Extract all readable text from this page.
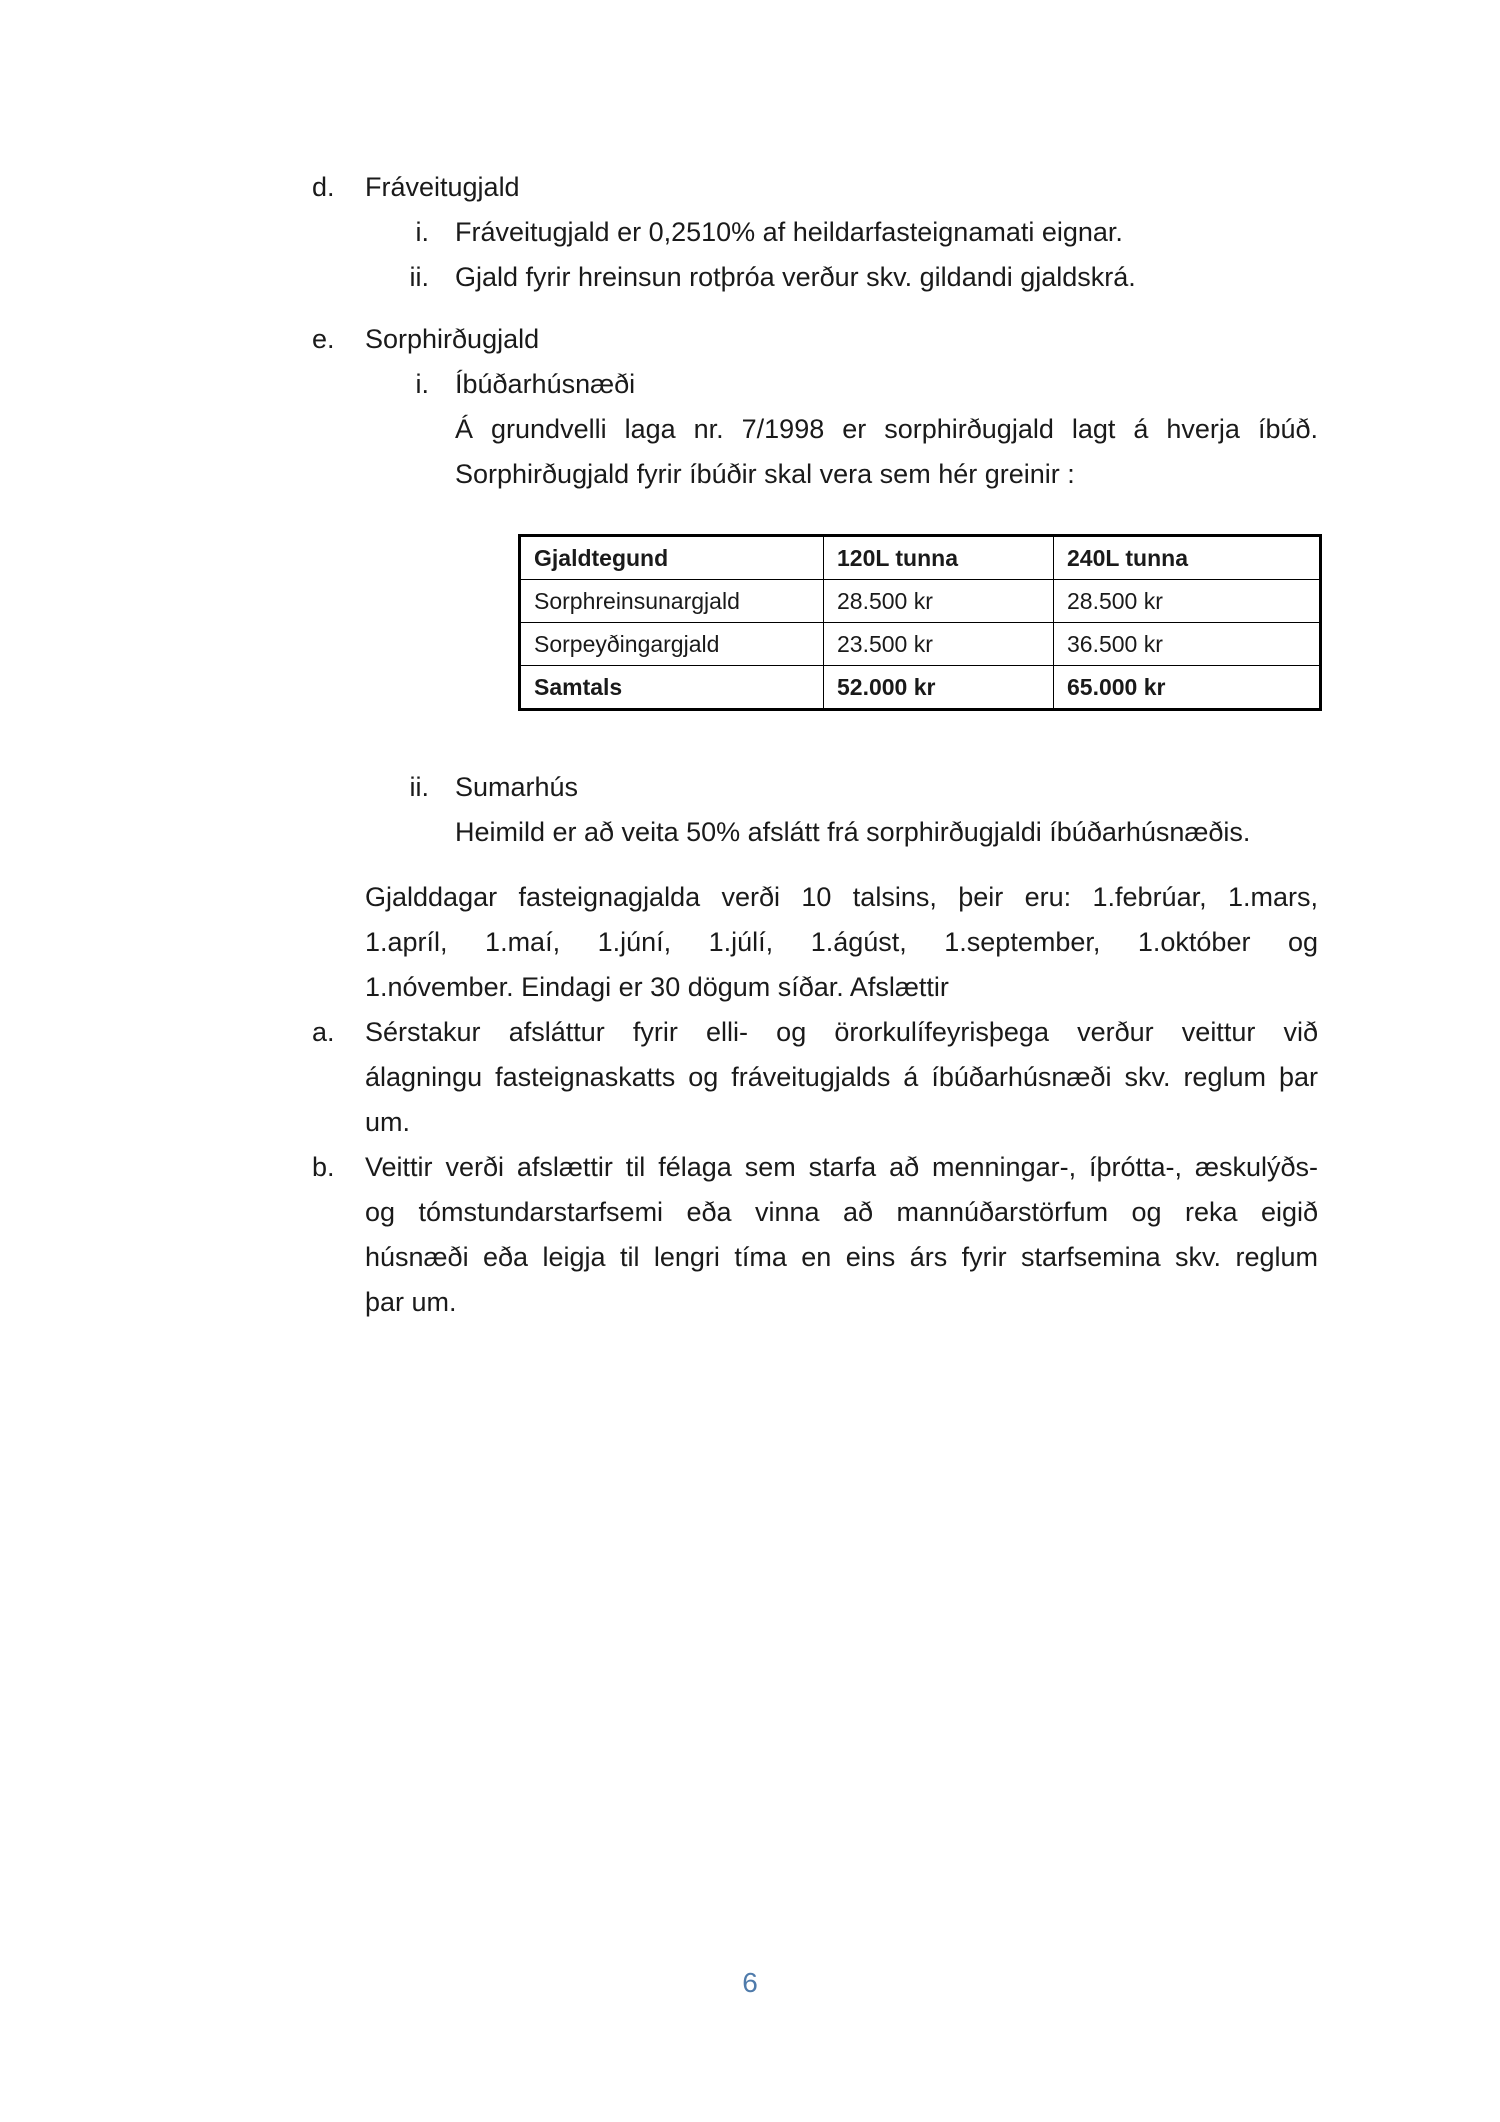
d.	Fráveitugjald
i. Fráveitugjald er 0,2510% af heildarfasteignamati eignar.
ii. Gjald fyrir hreinsun rotþróa verður skv. gildandi gjaldskrá.
e.	Sorphirðugjald
i. Íbúðarhúsnæði
Á grundvelli laga nr. 7/1998 er sorphirðugjald lagt á hverja íbúð.
Sorphirðugjald fyrir íbúðir skal vera sem hér greinir :
Gjaldtegund	120L tunna	240L tunna
Sorphreinsunargjald	28.500 kr	28.500 kr
Sorpeyðingargjald	23.500 kr	36.500 kr
Samtals	52.000 kr	65.000 kr
ii. Sumarhús
Heimild er að veita 50% afslátt frá sorphirðugjaldi íbúðarhúsnæðis.
Gjalddagar fasteignagjalda verði 10 talsins, þeir eru: 1.febrúar, 1.mars,
1.apríl, 1.maí, 1.júní, 1.júlí, 1.ágúst, 1.september, 1.október og
1.nóvember. Eindagi er 30 dögum síðar. Afslættir
a.	Sérstakur afsláttur fyrir elli- og örorkulífeyrisþega verður veittur við
álagningu fasteignaskatts og fráveitugjalds á íbúðarhúsnæði skv. reglum þar
um.
b.	Veittir verði afslættir til félaga sem starfa að menningar-, íþrótta-, æskulýðs-
og tómstundarstarfsemi eða vinna að mannúðarstörfum og reka eigið
húsnæði eða leigja til lengri tíma en eins árs fyrir starfsemina skv. reglum
þar um.
6
